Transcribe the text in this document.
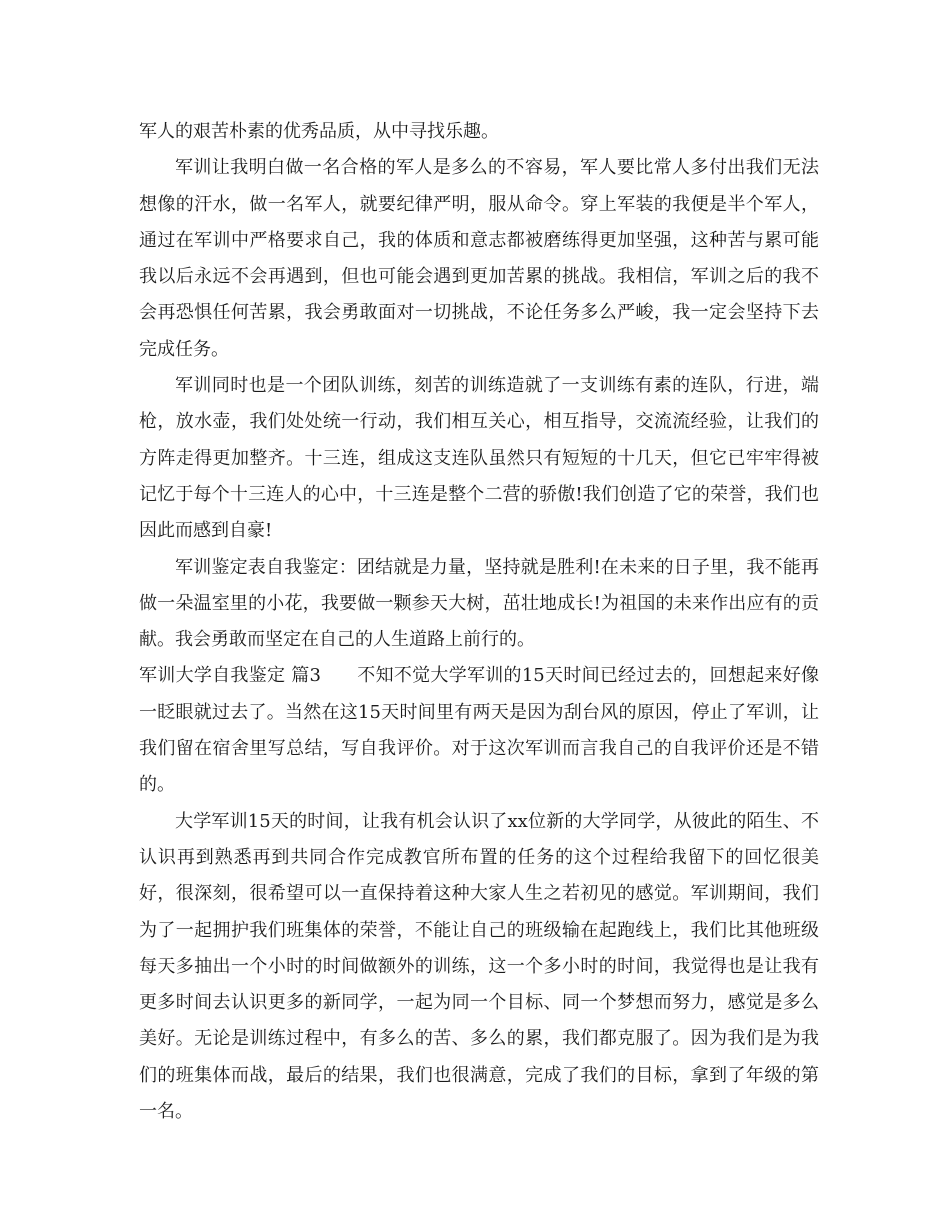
军人的艰苦朴素的优秀品质，从中寻找乐趣。

军训让我明白做一名合格的军人是多么的不容易，军人要比常人多付出我们无法想像的汗水，做一名军人，就要纪律严明，服从命令。穿上军装的我便是半个军人，通过在军训中严格要求自己，我的体质和意志都被磨练得更加坚强，这种苦与累可能我以后永远不会再遇到，但也可能会遇到更加苦累的挑战。我相信，军训之后的我不会再恐惧任何苦累，我会勇敢面对一切挑战，不论任务多么严峻，我一定会坚持下去完成任务。

军训同时也是一个团队训练，刻苦的训练造就了一支训练有素的连队，行进，端枪，放水壶，我们处处统一行动，我们相互关心，相互指导，交流流经验，让我们的方阵走得更加整齐。十三连，组成这支连队虽然只有短短的十几天，但它已牢牢得被记忆于每个十三连人的心中，十三连是整个二营的骄傲!我们创造了它的荣誉，我们也因此而感到自豪!

军训鉴定表自我鉴定：团结就是力量，坚持就是胜利!在未来的日子里，我不能再做一朵温室里的小花，我要做一颗参天大树，茁壮地成长!为祖国的未来作出应有的贡献。我会勇敢而坚定在自己的人生道路上前行的。

军训大学自我鉴定 篇3 不知不觉大学军训的15天时间已经过去的，回想起来好像一眨眼就过去了。当然在这15天时间里有两天是因为刮台风的原因，停止了军训，让我们留在宿舍里写总结，写自我评价。对于这次军训而言我自己的自我评价还是不错的。

大学军训15天的时间，让我有机会认识了xx位新的大学同学，从彼此的陌生、不认识再到熟悉再到共同合作完成教官所布置的任务的这个过程给我留下的回忆很美好，很深刻，很希望可以一直保持着这种大家人生之若初见的感觉。军训期间，我们为了一起拥护我们班集体的荣誉，不能让自己的班级输在起跑线上，我们比其他班级每天多抽出一个小时的时间做额外的训练，这一个多小时的时间，我觉得也是让我有更多时间去认识更多的新同学，一起为同一个目标、同一个梦想而努力，感觉是多么美好。无论是训练过程中，有多么的苦、多么的累，我们都克服了。因为我们是为我们的班集体而战，最后的结果，我们也很满意，完成了我们的目标，拿到了年级的第一名。
